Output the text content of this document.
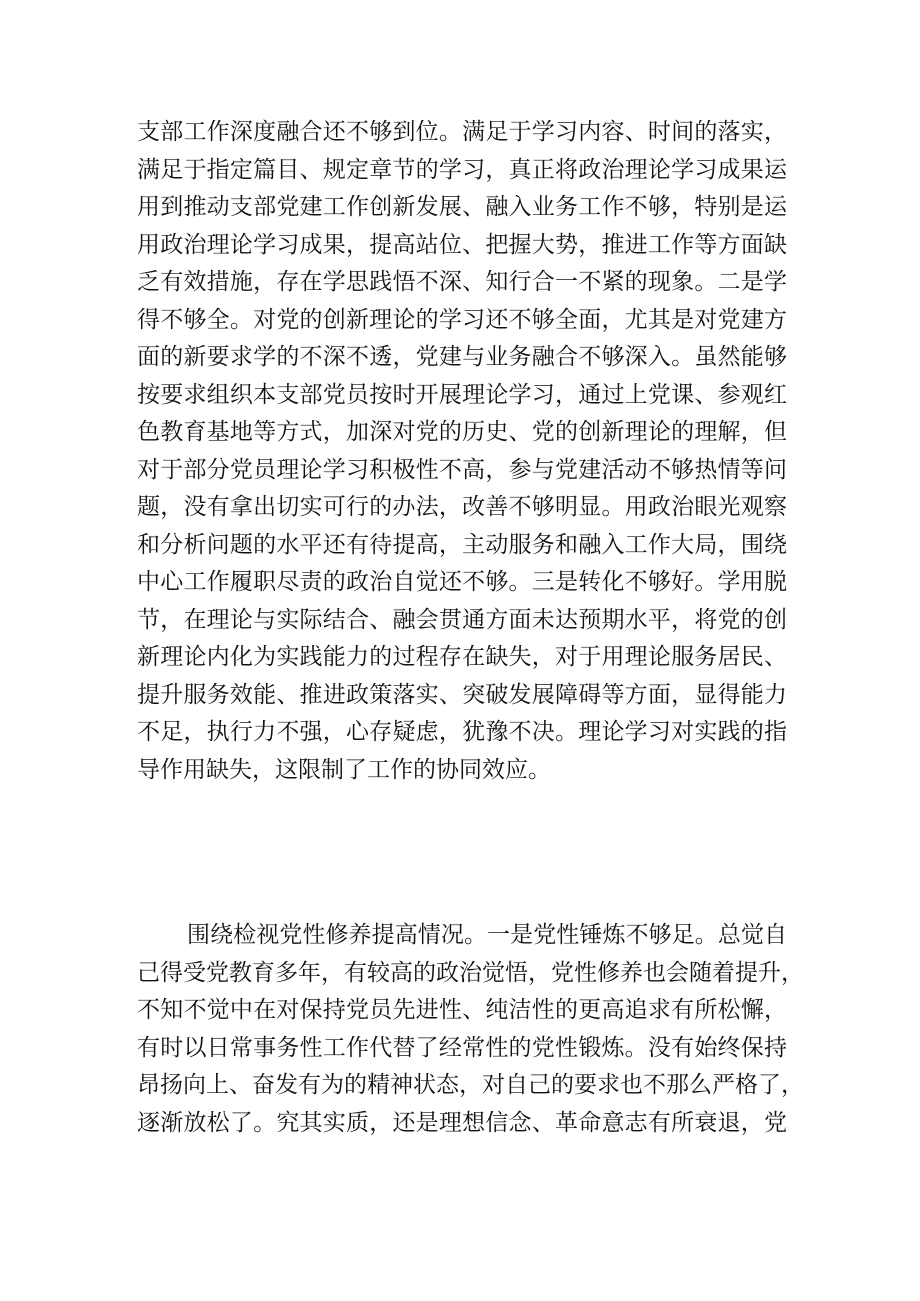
支部工作深度融合还不够到位。满足于学习内容、时间的落实，
满足于指定篇目、规定章节的学习，真正将政治理论学习成果运
用到推动支部党建工作创新发展、融入业务工作不够，特别是运
用政治理论学习成果，提高站位、把握大势，推进工作等方面缺
乏有效措施，存在学思践悟不深、知行合一不紧的现象。二是学
得不够全。对党的创新理论的学习还不够全面，尤其是对党建方
面的新要求学的不深不透，党建与业务融合不够深入。虽然能够
按要求组织本支部党员按时开展理论学习，通过上党课、参观红
色教育基地等方式，加深对党的历史、党的创新理论的理解，但
对于部分党员理论学习积极性不高，参与党建活动不够热情等问
题，没有拿出切实可行的办法，改善不够明显。用政治眼光观察
和分析问题的水平还有待提高，主动服务和融入工作大局，围绕
中心工作履职尽责的政治自觉还不够。三是转化不够好。学用脱
节，在理论与实际结合、融会贯通方面未达预期水平，将党的创
新理论内化为实践能力的过程存在缺失，对于用理论服务居民、
提升服务效能、推进政策落实、突破发展障碍等方面，显得能力
不足，执行力不强，心存疑虑，犹豫不决。理论学习对实践的指
导作用缺失，这限制了工作的协同效应。
围绕检视党性修养提高情况。一是党性锤炼不够足。总觉自
己得受党教育多年，有较高的政治觉悟，党性修养也会随着提升，
不知不觉中在对保持党员先进性、纯洁性的更高追求有所松懈，
有时以日常事务性工作代替了经常性的党性锻炼。没有始终保持
昂扬向上、奋发有为的精神状态，对自己的要求也不那么严格了，
逐渐放松了。究其实质，还是理想信念、革命意志有所衰退，党
